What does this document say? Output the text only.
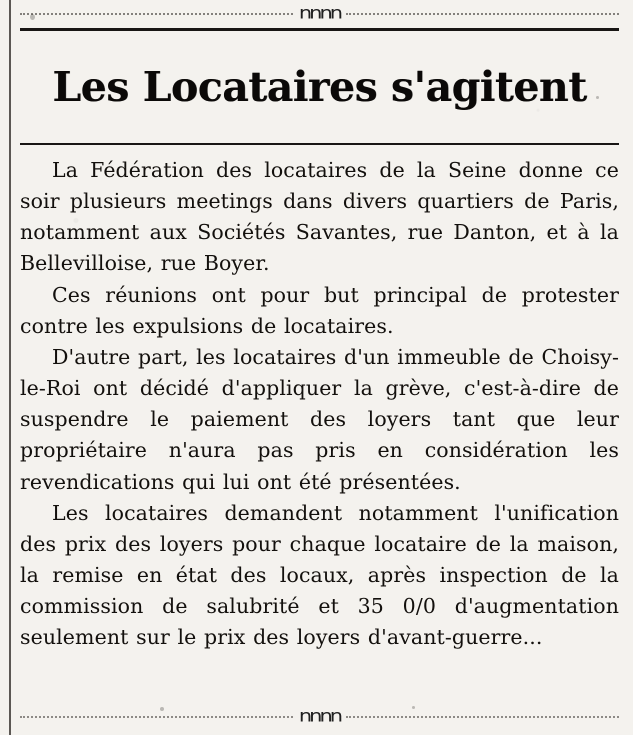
nnnn
Les Locataires s'agitent

La Fédération des locataires de la Seine donne ce soir plusieurs meetings dans divers quartiers de Paris, notamment aux Sociétés Savantes, rue Danton, et à la Bellevilloise, rue Boyer.

Ces réunions ont pour but principal de protester contre les expulsions de locataires.

D'autre part, les locataires d'un immeuble de Choisy-le-Roi ont décidé d'appliquer la grève, c'est-à-dire de suspendre le paiement des loyers tant que leur propriétaire n'aura pas pris en considération les revendications qui lui ont été présentées.

Les locataires demandent notamment l'unification des prix des loyers pour chaque locataire de la maison, la remise en état des locaux, après inspection de la commission de salubrité et 35 0/0 d'augmentation seulement sur le prix des loyers d'avant-guerre...

nnnn
